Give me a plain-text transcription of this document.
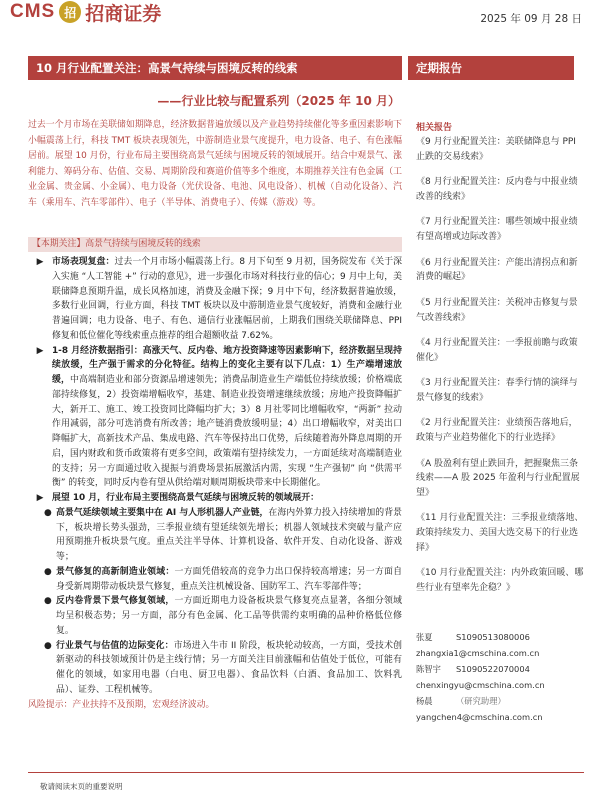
CMS 招 招商证券	2025 年 09 月 28 日
10 月行业配置关注：高景气持续与困境反转的线索	定期报告
——行业比较与配置系列（2025 年 10 月）
过去一个月市场在美联储如期降息，经济数据普遍放缓以及产业趋势持续催化等多重因素影响下小幅震荡上行，科技 TMT 板块表现领先，中游制造业景气度提升，电力设备、电子、有色涨幅居前。展望 10 月份，行业布局主要围绕高景气延续与困境反转的领域展开。结合中观景气、涨利能力、筹码分布、估值、交易、周期阶段和赛道价值等多个维度，本期推荐关注有色金属（工业金属、贵金属、小金属）、电力设备（光伏设备、电池、风电设备）、机械（自动化设备）、汽车（乘用车、汽车零部件）、电子（半导体、消费电子）、传媒（游戏）等。
【本期关注】高景气持续与困境反转的线索
▶ 市场表现复盘：过去一个月市场小幅震荡上行。8 月下旬至 9 月初，国务院发布《关于深入实施 “人工智能 +” 行动的意见》，进一步强化市场对科技行业的信心；9 月中上旬，美联储降息预期升温，成长风格加速，消费及金融下探；9 月中下旬，经济数据普遍放缓，多数行业回调，行业方面，科技 TMT 板块以及中游制造业景气度较好，消费和金融行业普遍回调；电力设备、电子、有色、通信行业涨幅居前，上期我们围绕关联储降息、PPI 修复和低位催化等线索重点推荐的组合超额收益 7.62%。
▶ 1-8 月经济数据指引：高涨天气、反内卷、地方投资降速等因素影响下，经济数据呈现持续放缓，生产强于需求的分化特征。结构上的变化主要有以下几点：1）生产端增速放缓，中高端制造业和部分资源品增速领先；消费品制造业生产端低位持续放缓；价格端底部持续修复，2）投资端增幅收窄，基建、制造业投资增速继续放缓；房地产投资降幅扩大，新开工、施工、竣工投资同比降幅均扩大；3）8 月社零同比增幅收窄，“两新” 拉动作用减弱，部分可选消费有所改善；地产链消费放缓明显；4）出口增幅收窄，对美出口降幅扩大，高新技术产品、集成电路、汽车等保持出口优势，后续随着海外降息周期的开启，国内财政和货币政策将有更多空间，政策端有望持续发力，一方面延续对高端制造业的支持；另一方面通过收入提振与消费场景拓展激活内需，实现 “生产强韧” 向 “供需平衡” 的转变，同时反内卷有望从供给端对顺周期板块带来中长期催化。
▶ 展望 10 月，行业布局主要围绕高景气延续与困境反转的领域展开：
● 高景气延续领域主要集中在 AI 与人形机器人产业链，在海内外算力投入持续增加的背景下，板块增长势头强劲，三季报业绩有望延续领先增长；机器人领域技术突破与量产应用预期推升板块景气度。重点关注半导体、计算机设备、软件开发、自动化设备、游戏等；
● 景气修复的高新制造业领域：一方面凭借较高的竞争力出口保持较高增速；另一方面自身受新周期带动板块景气修复，重点关注机械设备、国防军工、汽车零部件等；
● 反内卷背景下景气修复领域，一方面近期电力设备板块景气修复亮点显著，各细分领域均呈积极态势；另一方面，部分有色金属、化工品等供需约束明确的品种价格低位修复。
● 行业景气与估值的边际变化：市场进入牛市 II 阶段，板块轮动较高，一方面，受技术创新驱动的科技领域预计仍是主线行情；另一方面关注目前涨幅和估值处于低位，可能有催化的领域，如家用电器（白电、厨卫电器）、食品饮料（白酒、食品加工、饮料乳品）、证券、工程机械等。
风险提示：产业扶持不及预期，宏观经济波动。
相关报告
《9 月行业配置关注：美联储降息与 PPI 止跌的交易线索》
《8 月行业配置关注：反内卷与中报业绩改善的线索》
《7 月行业配置关注：哪些领域中报业绩有望高增或边际改善》
《6 月行业配置关注：产能出清拐点和新消费的崛起》
《5 月行业配置关注：关税冲击修复与景气改善线索》
《4 月行业配置关注：一季报前瞻与政策催化》
《3 月行业配置关注：春季行情的演绎与景气修复的线索》
《2 月行业配置关注：业绩预告落地后，政策与产业趋势催化下的行业选择》
《A 股盈利有望止跌回升，把握聚焦三条线索——A 股 2025 年盈利与行业配置展望》
《11 月行业配置关注：三季报业绩落地、政策持续发力、美国大选交易下的行业选择》
《10 月行业配置关注：内外政策回暖、哪些行业有望率先企稳？》
张夏	S1090513080006
zhangxia1@cmschina.com.cn
陈智宇 S1090522070004
chenxingyu@cmschina.com.cn
杨晨	（研究助理）
yangchen4@cmschina.com.cn
敬请阅读末页的重要说明
